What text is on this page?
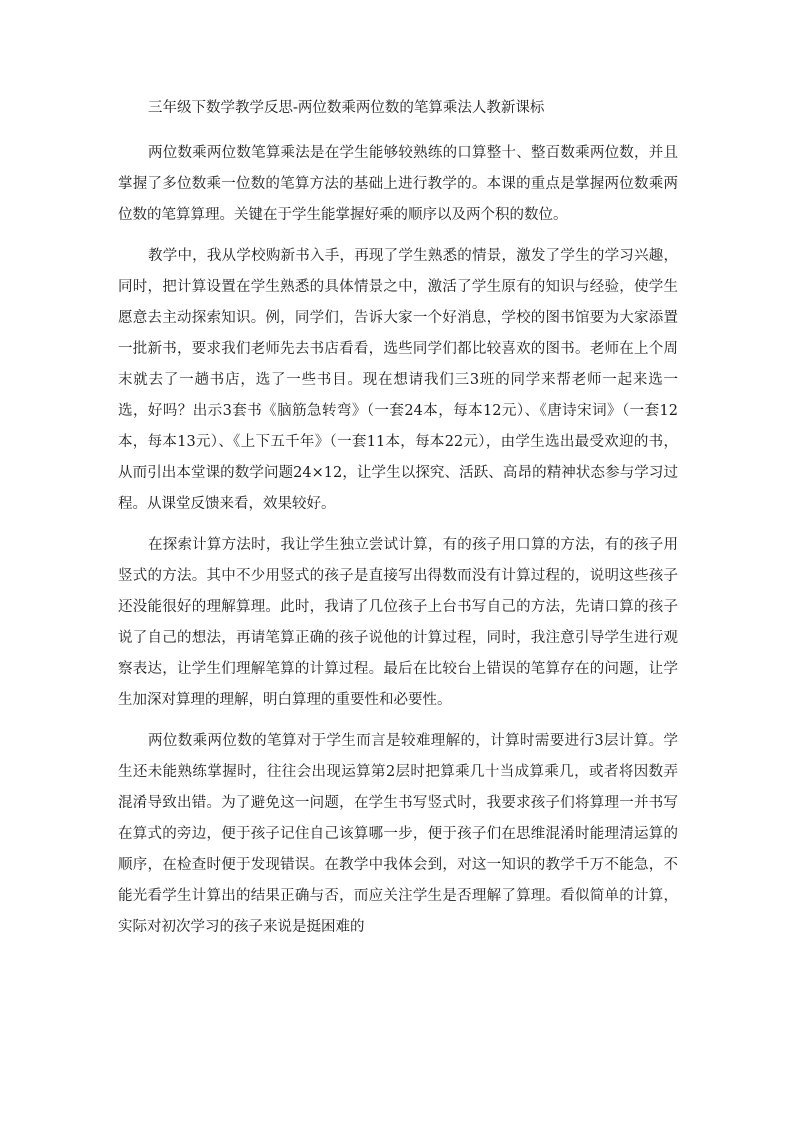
三年级下数学教学反思-两位数乘两位数的笔算乘法人教新课标

两位数乘两位数笔算乘法是在学生能够较熟练的口算整十、整百数乘两位数，并且掌握了多位数乘一位数的笔算方法的基础上进行教学的。本课的重点是掌握两位数乘两位数的笔算算理。关键在于学生能掌握好乘的顺序以及两个积的数位。

教学中，我从学校购新书入手，再现了学生熟悉的情景，激发了学生的学习兴趣，同时，把计算设置在学生熟悉的具体情景之中，激活了学生原有的知识与经验，使学生愿意去主动探索知识。例，同学们，告诉大家一个好消息，学校的图书馆要为大家添置一批新书，要求我们老师先去书店看看，选些同学们都比较喜欢的图书。老师在上个周末就去了一趟书店，选了一些书目。现在想请我们三3班的同学来帮老师一起来选一选，好吗？出示3套书《脑筋急转弯》（一套24本，每本12元）、《唐诗宋词》（一套12本，每本13元）、《上下五千年》（一套11本，每本22元），由学生选出最受欢迎的书，从而引出本堂课的数学问题24×12，让学生以探究、活跃、高昂的精神状态参与学习过程。从课堂反馈来看，效果较好。

在探索计算方法时，我让学生独立尝试计算，有的孩子用口算的方法，有的孩子用竖式的方法。其中不少用竖式的孩子是直接写出得数而没有计算过程的，说明这些孩子还没能很好的理解算理。此时，我请了几位孩子上台书写自己的方法，先请口算的孩子说了自己的想法，再请笔算正确的孩子说他的计算过程，同时，我注意引导学生进行观察表达，让学生们理解笔算的计算过程。最后在比较台上错误的笔算存在的问题，让学生加深对算理的理解，明白算理的重要性和必要性。

两位数乘两位数的笔算对于学生而言是较难理解的，计算时需要进行3层计算。学生还未能熟练掌握时，往往会出现运算第2层时把算乘几十当成算乘几，或者将因数弄混淆导致出错。为了避免这一问题，在学生书写竖式时，我要求孩子们将算理一并书写在算式的旁边，便于孩子记住自己该算哪一步，便于孩子们在思维混淆时能理清运算的顺序，在检查时便于发现错误。在教学中我体会到，对这一知识的教学千万不能急，不能光看学生计算出的结果正确与否，而应关注学生是否理解了算理。看似简单的计算，实际对初次学习的孩子来说是挺困难的
